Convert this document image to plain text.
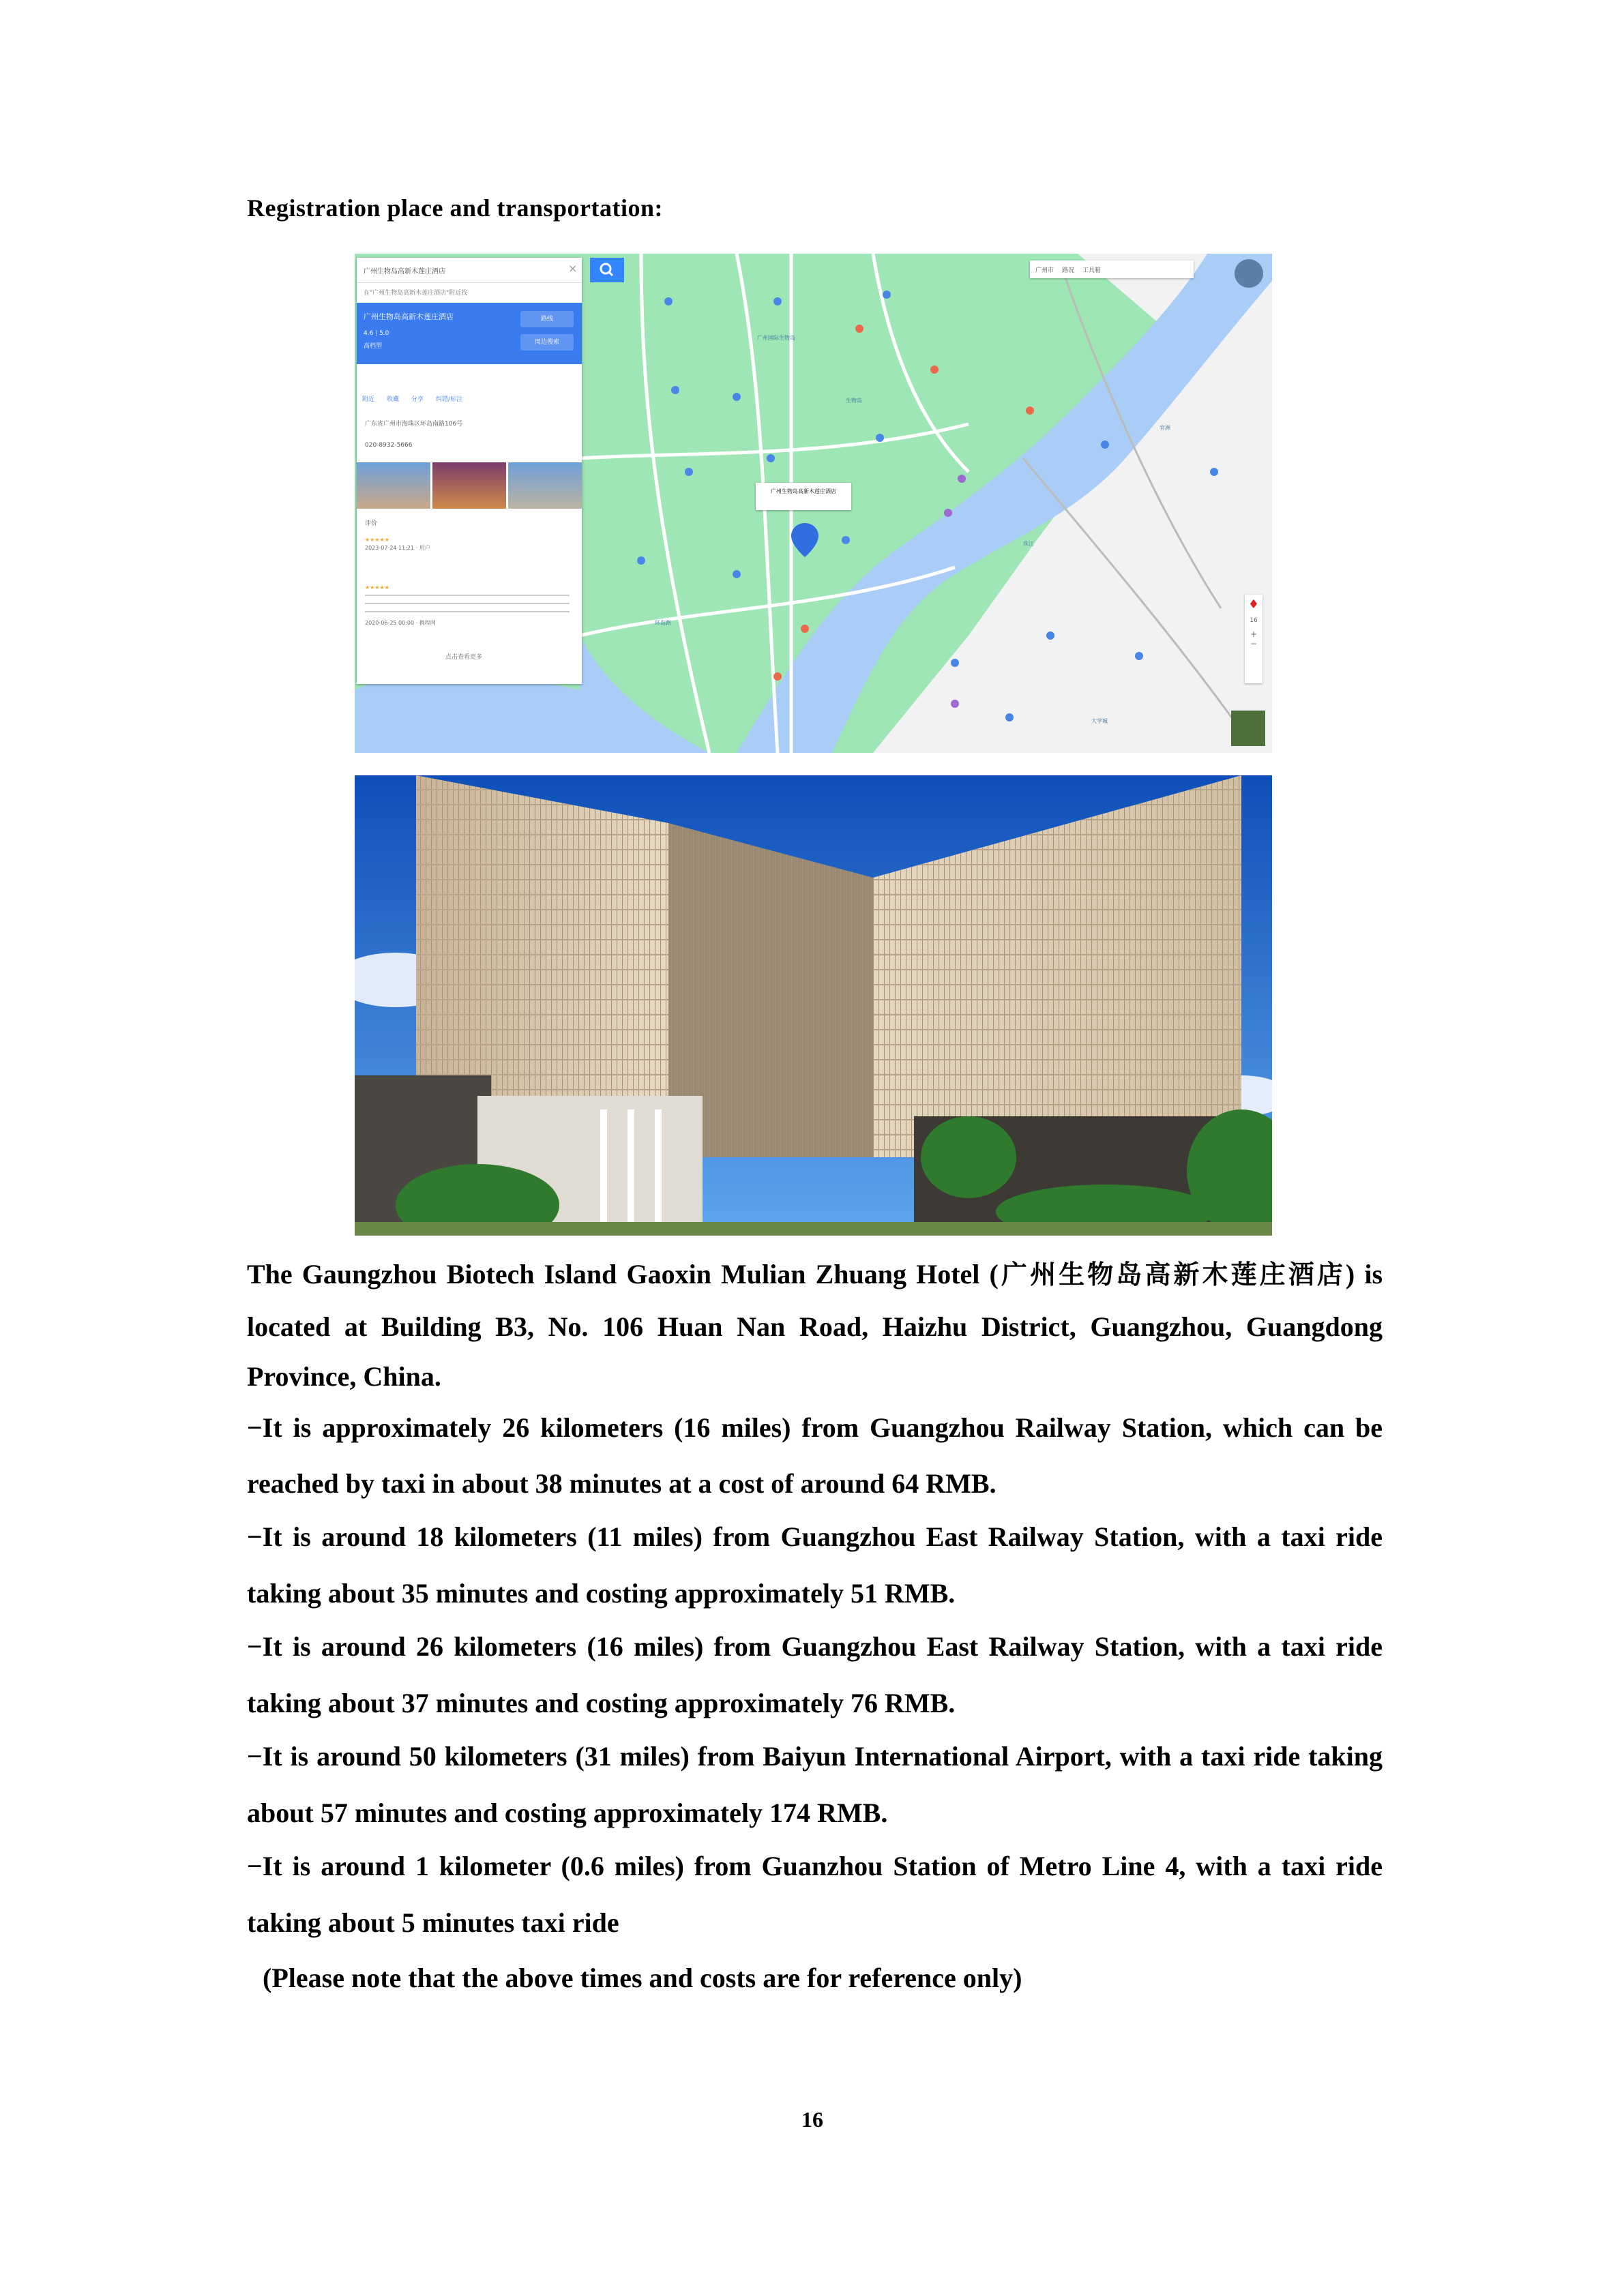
Registration place and transportation:
广州生物岛高新木莲庄酒店	×
在"广州生物岛高新木莲庄酒店"附近找
广州生物岛高新木莲庄酒店
4.6 | 5.0
高档型
路线
周边搜索
附近 收藏 分享 纠错/标注
广东省广州市海珠区环岛南路106号
020-8932-5666
评价
★★★★★
2023-07-24 11:21 · 用户
★★★★★

2020-06-25 00:00 · 携程网
点击查看更多
广州市 路况 工具箱
♦
16
+
−
广州生物岛高新木莲庄酒店
广州国际生物岛
生物岛
环岛路
官洲
大学城
珠江
The Gaungzhou Biotech Island Gaoxin Mulian Zhuang Hotel (广州生物岛高新木莲庄酒店) is
located at Building B3, No. 106 Huan Nan Road, Haizhu District, Guangzhou, Guangdong
Province, China.
−It is approximately 26 kilometers (16 miles) from Guangzhou Railway Station, which can be
reached by taxi in about 38 minutes at a cost of around 64 RMB.
−It is around 18 kilometers (11 miles) from Guangzhou East Railway Station, with a taxi ride
taking about 35 minutes and costing approximately 51 RMB.
−It is around 26 kilometers (16 miles) from Guangzhou East Railway Station, with a taxi ride
taking about 37 minutes and costing approximately 76 RMB.
−It is around 50 kilometers (31 miles) from Baiyun International Airport, with a taxi ride taking
about 57 minutes and costing approximately 174 RMB.
−It is around 1 kilometer (0.6 miles) from Guanzhou Station of Metro Line 4, with a taxi ride
taking about 5 minutes taxi ride
(Please note that the above times and costs are for reference only)
16
